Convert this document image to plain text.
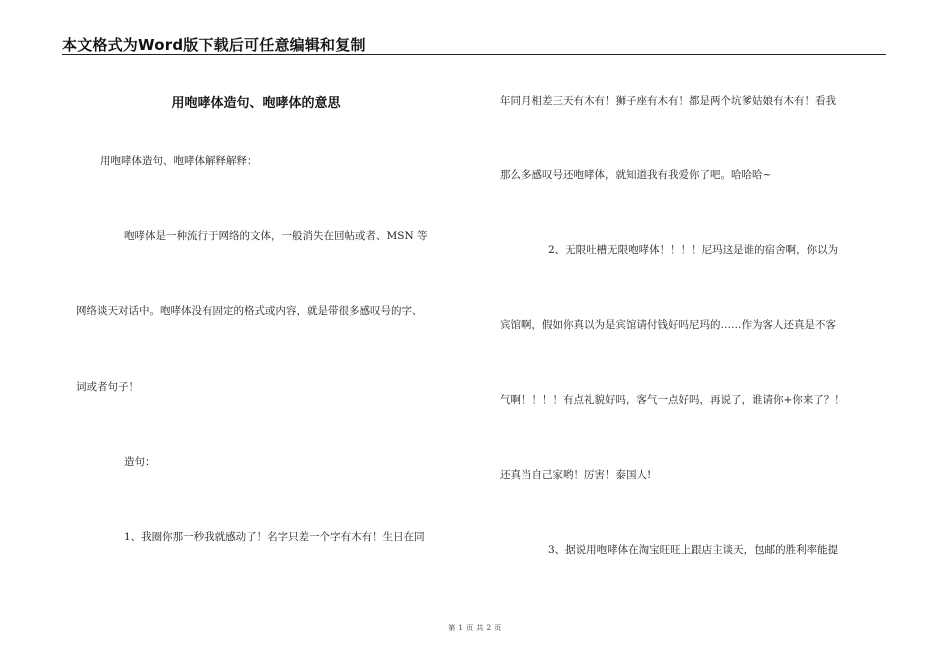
本文格式为Word版下载后可任意编辑和复制
用咆哮体造句、咆哮体的意思
用咆哮体造句、咆哮体解释解释：
咆哮体是一种流行于网络的文体，一般消失在回帖或者、MSN 等
网络谈天对话中。咆哮体没有固定的格式或内容，就是带很多感叹号的字、
词或者句子！
造句：
1、我圈你那一秒我就感动了！名字只差一个字有木有！生日在同
年同月相差三天有木有！狮子座有木有！都是两个坑爹姑娘有木有！看我
那么多感叹号还咆哮体，就知道我有我爱你了吧。哈哈哈~
2、无限吐槽无限咆哮体！！！！尼玛这是谁的宿舍啊，你以为
宾馆啊，假如你真以为是宾馆请付钱好吗尼玛的……作为客人还真是不客
气啊！！！！有点礼貌好吗，客气一点好吗，再说了，谁请你+你来了？！
还真当自己家哟！厉害！泰国人!
3、据说用咆哮体在淘宝旺旺上跟店主谈天，包邮的胜利率能提
第 1 页 共 2 页
